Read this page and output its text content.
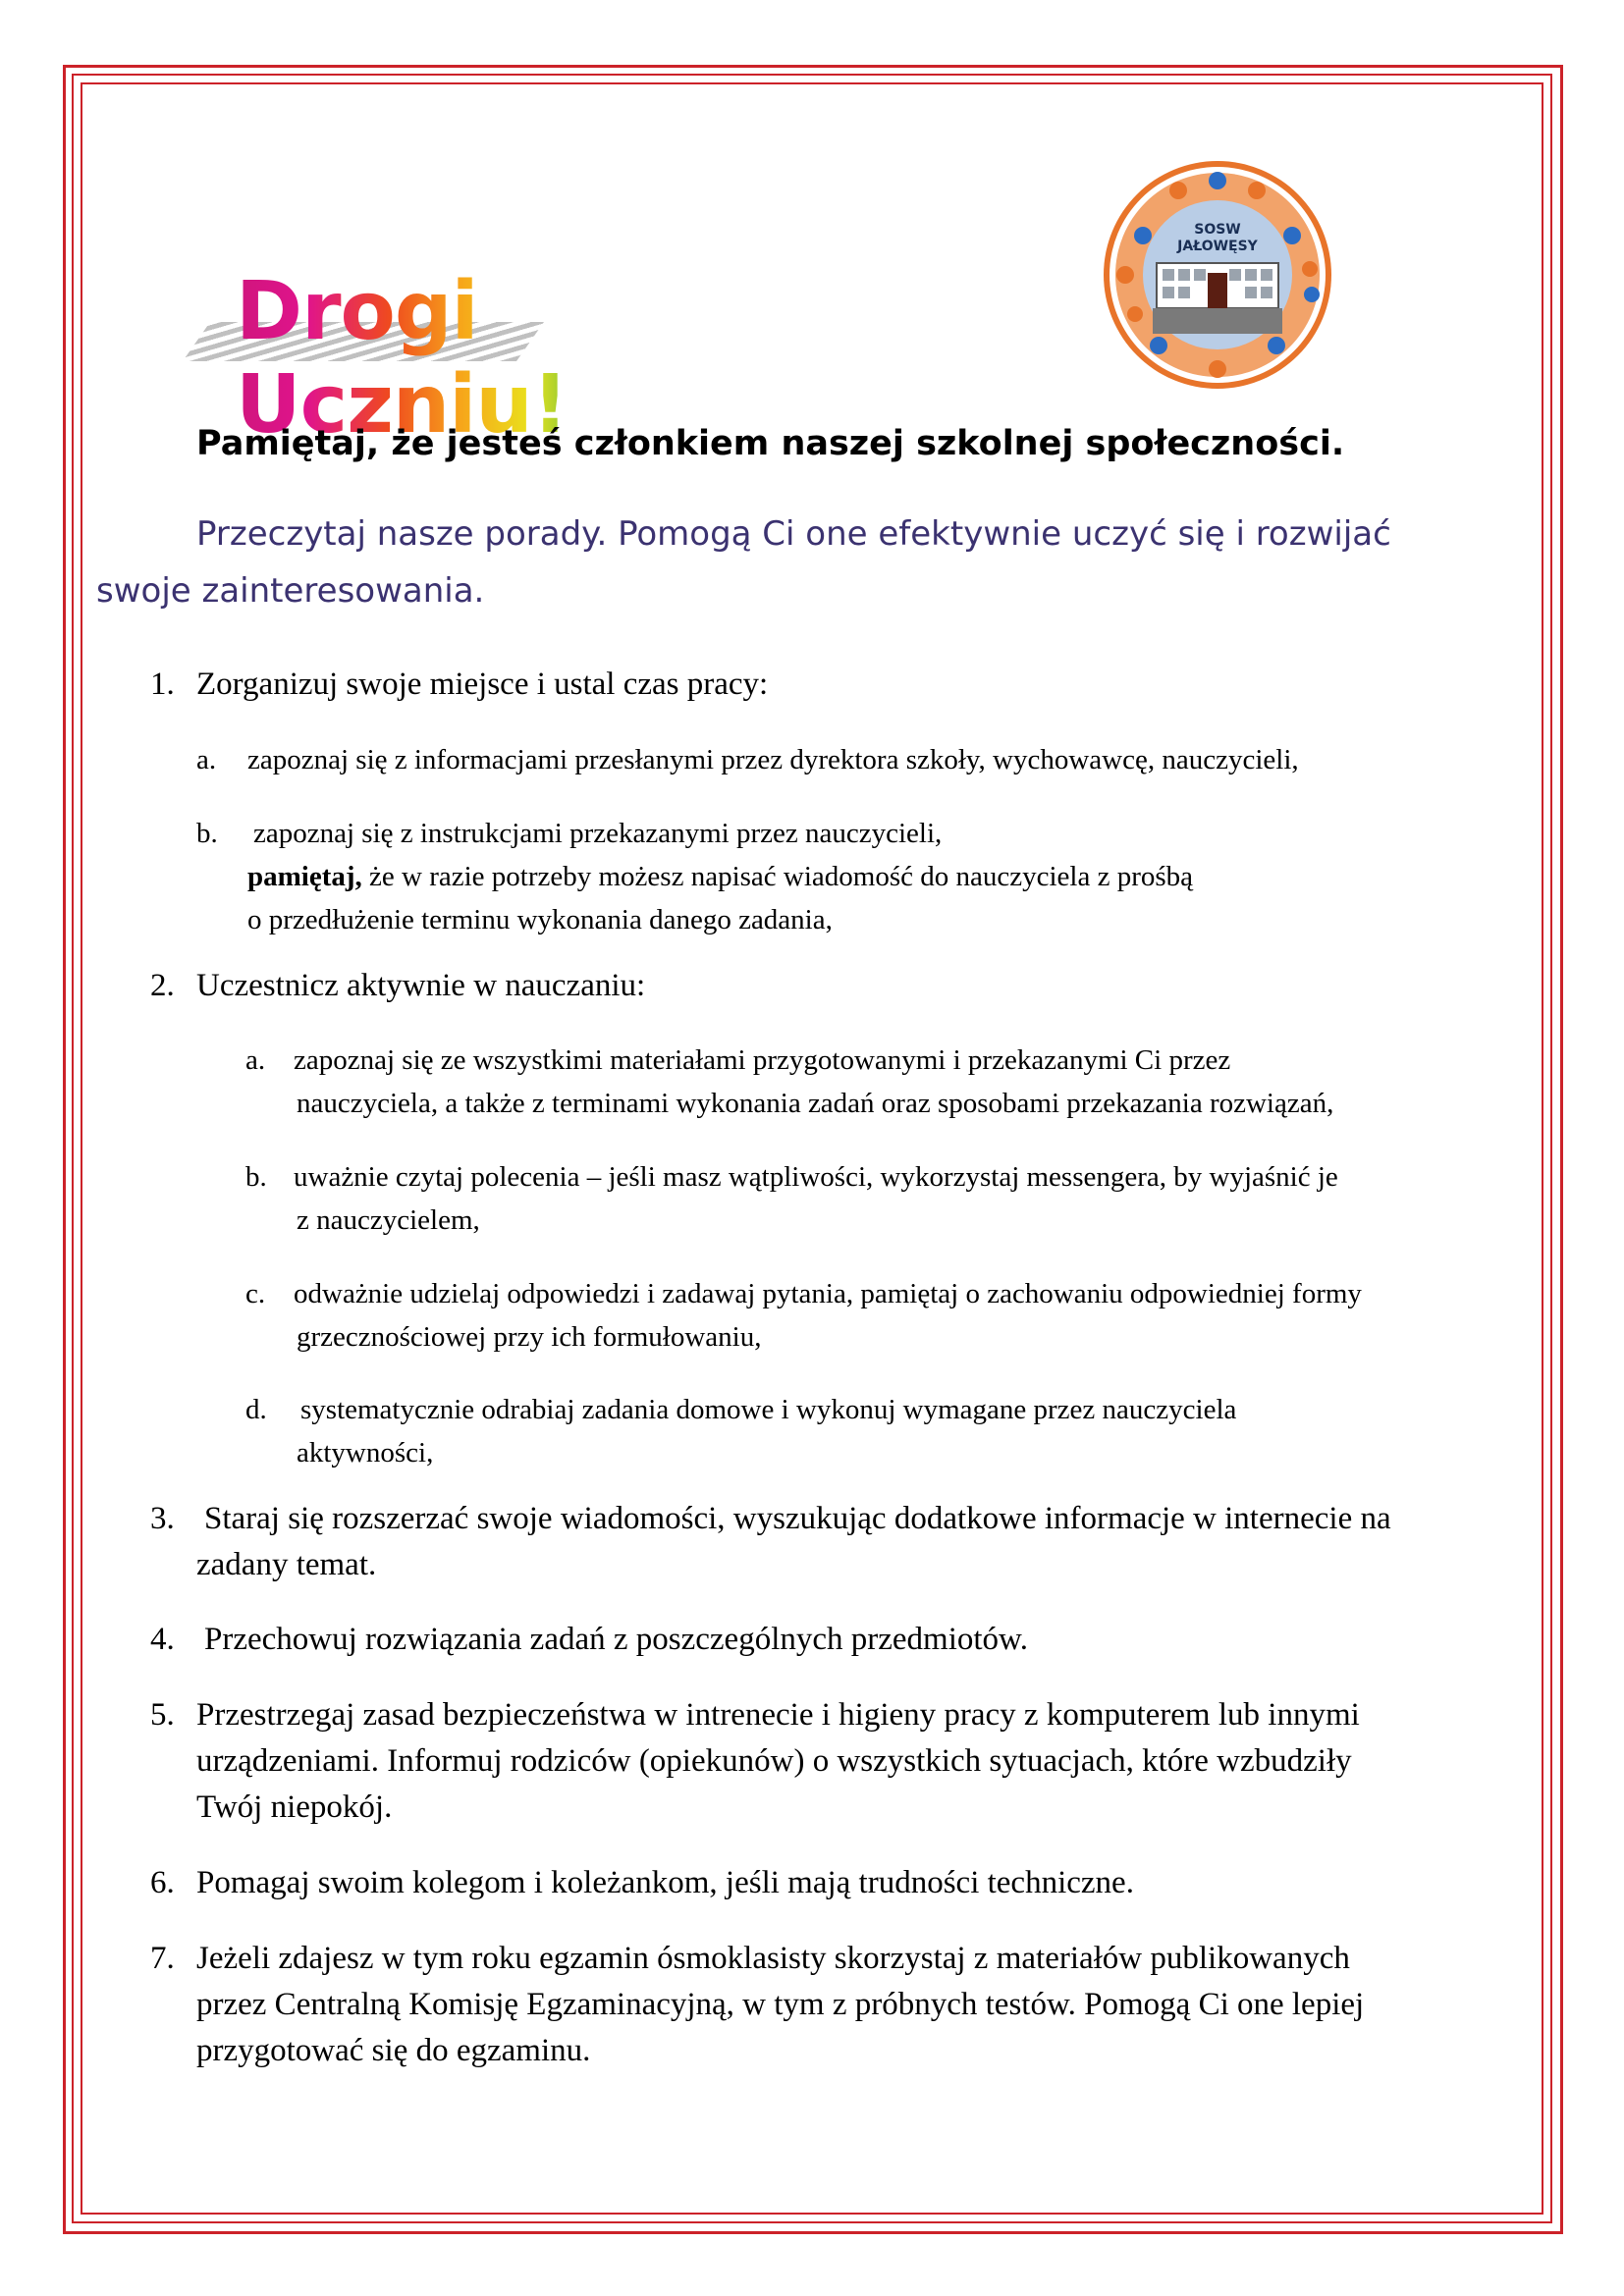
Drogi Uczniu!
SOSW
JAŁOWĘSY

Pamiętaj, że jesteś członkiem naszej szkolnej społeczności.

Przeczytaj nasze porady. Pomogą Ci one efektywnie uczyć się i rozwijać swoje zainteresowania.

1. Zorganizuj swoje miejsce i ustal czas pracy:
a. zapoznaj się z informacjami przesłanymi przez dyrektora szkoły, wychowawcę, nauczycieli,
b. zapoznaj się z instrukcjami przekazanymi przez nauczycieli,
pamiętaj, że w razie potrzeby możesz napisać wiadomość do nauczyciela z prośbą
o przedłużenie terminu wykonania danego zadania,
2. Uczestnicz aktywnie w nauczaniu:
a. zapoznaj się ze wszystkimi materiałami przygotowanymi i przekazanymi Ci przez
nauczyciela, a także z terminami wykonania zadań oraz sposobami przekazania rozwiązań,
b. uważnie czytaj polecenia – jeśli masz wątpliwości, wykorzystaj messengera, by wyjaśnić je
z nauczycielem,
c. odważnie udzielaj odpowiedzi i zadawaj pytania, pamiętaj o zachowaniu odpowiedniej formy
grzecznościowej przy ich formułowaniu,
d. systematycznie odrabiaj zadania domowe i wykonuj wymagane przez nauczyciela
aktywności,
3. Staraj się rozszerzać swoje wiadomości, wyszukując dodatkowe informacje w internecie na
zadany temat.
4. Przechowuj rozwiązania zadań z poszczególnych przedmiotów.
5. Przestrzegaj zasad bezpieczeństwa w intrenecie i higieny pracy z komputerem lub innymi
urządzeniami. Informuj rodziców (opiekunów) o wszystkich sytuacjach, które wzbudziły
Twój niepokój.
6. Pomagaj swoim kolegom i koleżankom, jeśli mają trudności techniczne.
7. Jeżeli zdajesz w tym roku egzamin ósmoklasisty skorzystaj z materiałów publikowanych
przez Centralną Komisję Egzaminacyjną, w tym z próbnych testów. Pomogą Ci one lepiej
przygotować się do egzaminu.
